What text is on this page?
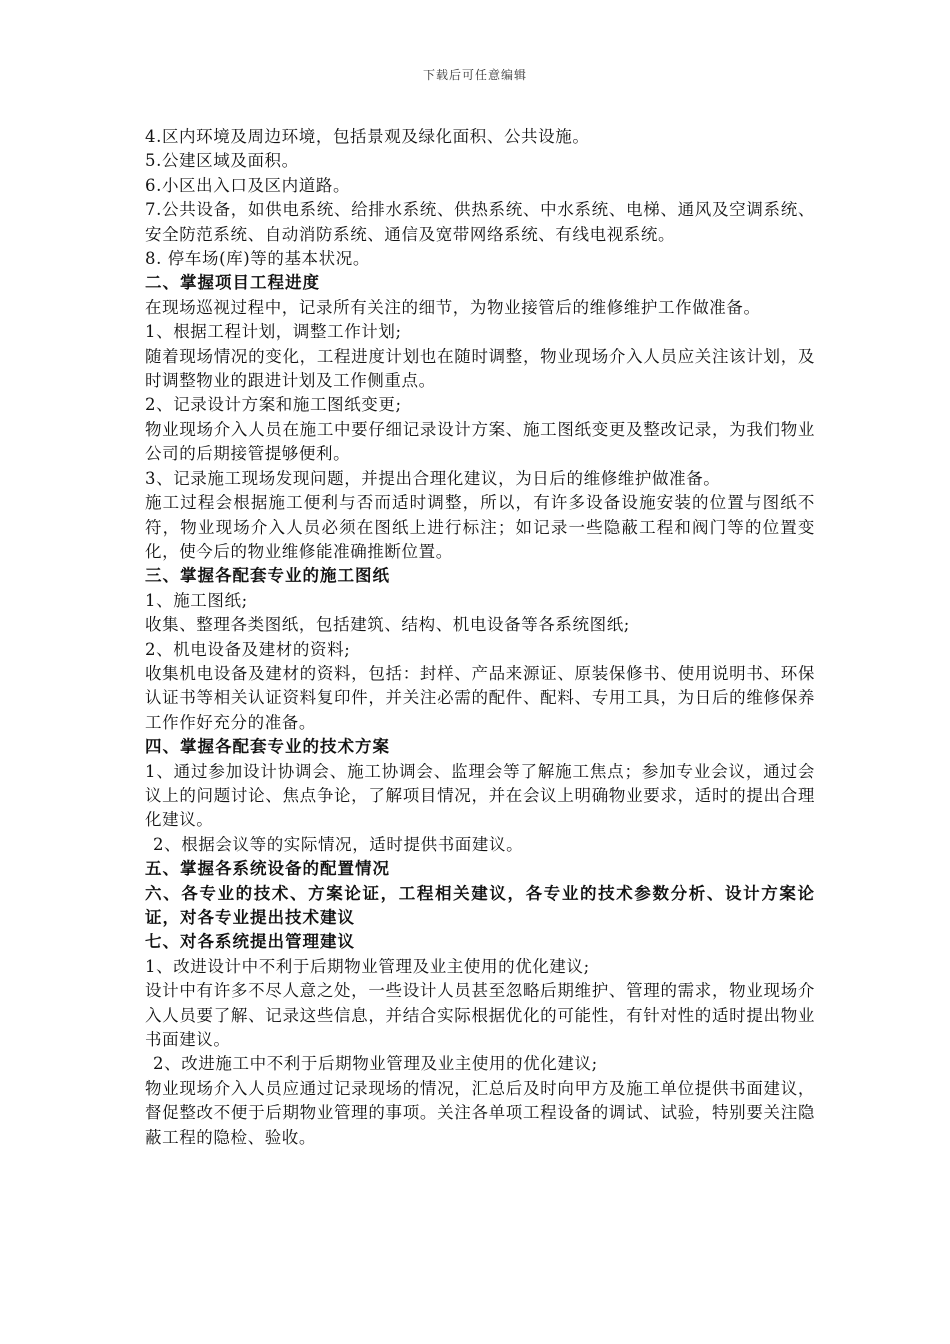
下载后可任意编辑

4.区内环境及周边环境，包括景观及绿化面积、公共设施。

5.公建区域及面积。

6.小区出入口及区内道路。

7.公共设备，如供电系统、给排水系统、供热系统、中水系统、电梯、通风及空调系统、安全防范系统、自动消防系统、通信及宽带网络系统、有线电视系统。

8. 停车场(库)等的基本状况。

二、掌握项目工程进度

在现场巡视过程中，记录所有关注的细节，为物业接管后的维修维护工作做准备。

1、根据工程计划，调整工作计划;

随着现场情况的变化，工程进度计划也在随时调整，物业现场介入人员应关注该计划，及时调整物业的跟进计划及工作侧重点。

2、记录设计方案和施工图纸变更;

物业现场介入人员在施工中要仔细记录设计方案、施工图纸变更及整改记录，为我们物业公司的后期接管提够便利。

3、记录施工现场发现问题，并提出合理化建议，为日后的维修维护做准备。

施工过程会根据施工便利与否而适时调整，所以，有许多设备设施安装的位置与图纸不符，物业现场介入人员必须在图纸上进行标注；如记录一些隐蔽工程和阀门等的位置变化，使今后的物业维修能准确推断位置。

三、掌握各配套专业的施工图纸

1、施工图纸;

收集、整理各类图纸，包括建筑、结构、机电设备等各系统图纸;

2、机电设备及建材的资料;

收集机电设备及建材的资料，包括：封样、产品来源证、原装保修书、使用说明书、环保认证书等相关认证资料复印件，并关注必需的配件、配料、专用工具，为日后的维修保养工作作好充分的准备。

四、掌握各配套专业的技术方案

1、通过参加设计协调会、施工协调会、监理会等了解施工焦点；参加专业会议，通过会议上的问题讨论、焦点争论，了解项目情况，并在会议上明确物业要求，适时的提出合理化建议。

2、根据会议等的实际情况，适时提供书面建议。

五、掌握各系统设备的配置情况

六、各专业的技术、方案论证，工程相关建议，各专业的技术参数分析、设计方案论证，对各专业提出技术建议

七、对各系统提出管理建议

1、改进设计中不利于后期物业管理及业主使用的优化建议;

设计中有许多不尽人意之处，一些设计人员甚至忽略后期维护、管理的需求，物业现场介入人员要了解、记录这些信息，并结合实际根据优化的可能性，有针对性的适时提出物业书面建议。

2、改进施工中不利于后期物业管理及业主使用的优化建议;

物业现场介入人员应通过记录现场的情况，汇总后及时向甲方及施工单位提供书面建议，督促整改不便于后期物业管理的事项。关注各单项工程设备的调试、试验，特别要关注隐蔽工程的隐检、验收。
